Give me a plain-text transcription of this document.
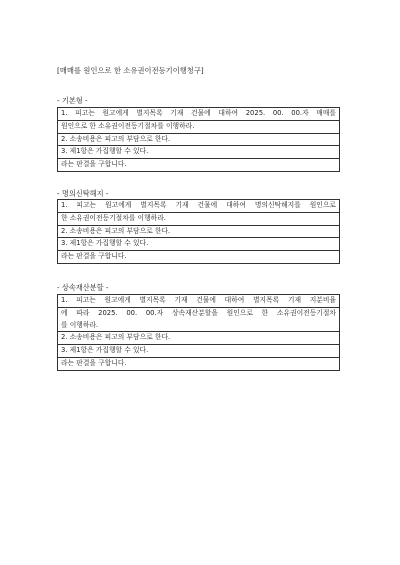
[매매를 원인으로 한 소유권이전등기이행청구]
- 기본형 -
1. 피고는 원고에게 별지목록 기재 건물에 대하여 2025. 00. 00.자 매매를
원인으로 한 소유권이전등기절차를 이행하라.
2. 소송비용은 피고의 부담으로 한다.
3. 제1항은 가집행할 수 있다.
라는 판결을 구합니다.
- 명의신탁해지 -
1. 피고는 원고에게 별지목록 기재 건물에 대하여 명의신탁해지를 원인으로
한 소유권이전등기절차를 이행하라.
2. 소송비용은 피고의 부담으로 한다.
3. 제1항은 가집행할 수 있다.
라는 판결을 구합니다.
- 상속재산분할 -
1. 피고는 원고에게 별지목록 기재 건물에 대하여 별지목록 기재 지분비율
에 따라 2025. 00. 00.자 상속재산분할을 원인으로 한 소유권이전등기절차
를 이행하라.
2. 소송비용은 피고의 부담으로 한다.
3. 제1항은 가집행할 수 있다.
라는 판결을 구합니다.
